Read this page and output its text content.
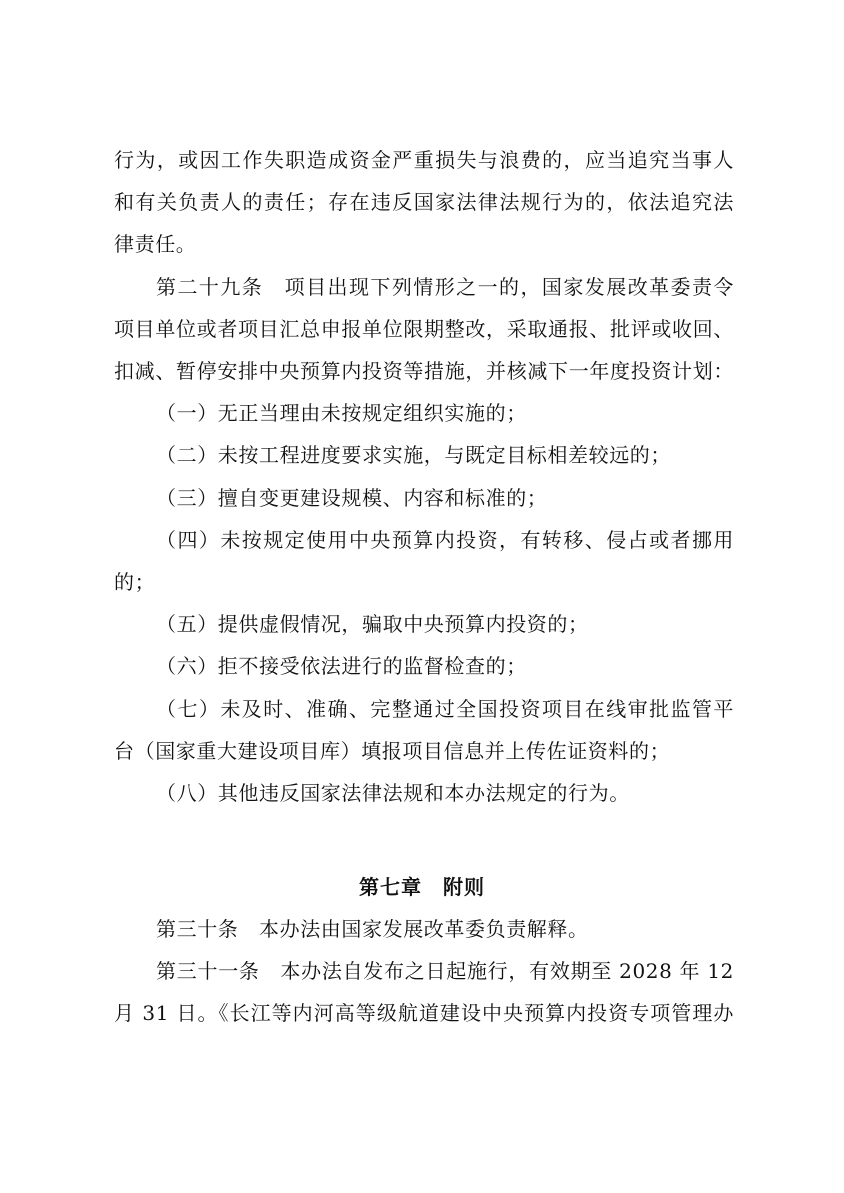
行为，或因工作失职造成资金严重损失与浪费的，应当追究当事人
和有关负责人的责任；存在违反国家法律法规行为的，依法追究法
律责任。
第二十九条　项目出现下列情形之一的，国家发展改革委责令
项目单位或者项目汇总申报单位限期整改，采取通报、批评或收回、
扣减、暂停安排中央预算内投资等措施，并核减下一年度投资计划：
（一）无正当理由未按规定组织实施的；
（二）未按工程进度要求实施，与既定目标相差较远的；
（三）擅自变更建设规模、内容和标准的；
（四）未按规定使用中央预算内投资，有转移、侵占或者挪用
的；
（五）提供虚假情况，骗取中央预算内投资的；
（六）拒不接受依法进行的监督检查的；
（七）未及时、准确、完整通过全国投资项目在线审批监管平
台（国家重大建设项目库）填报项目信息并上传佐证资料的；
（八）其他违反国家法律法规和本办法规定的行为。
第七章　附则
第三十条　本办法由国家发展改革委负责解释。
第三十一条　本办法自发布之日起施行，有效期至 2028 年 12
月 31 日。《长江等内河高等级航道建设中央预算内投资专项管理办
